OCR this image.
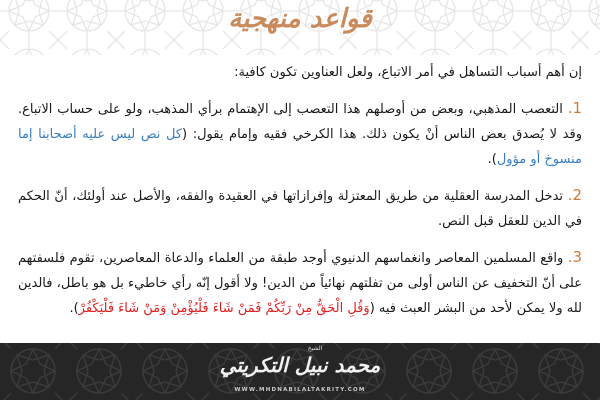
قواعد منهجية

إن أهم أسباب التساهل في أمر الاتباع، ولعل العناوين تكون كافية:

1. التعصب المذهبي، وبعض من أوصلهم هذا التعصب إلى الإهتمام برأي المذهب، ولو على حساب الاتباع. وقد لا يُصدق بعض الناس أنْ يكون ذلك. هذا الكرخي فقيه وإمام يقول: (كل نص ليس عليه أصحابنا إما منسوخ أو مؤول).

2. تدخل المدرسة العقلية من طريق المعتزلة وإفرازاتها في العقيدة والفقه، والأصل عند أولئك، أنّ الحكم في الدين للعقل قبل النص.

3. واقع المسلمين المعاصر وانغماسهم الدنيوي أوجد طبقة من العلماء والدعاة المعاصرين، تقوم فلسفتهم على أنّ التخفيف عن الناس أولى من تفلتهم نهائياً من الدين! ولا أقول إنّه رأي خاطيء بل هو باطل، فالدين لله ولا يمكن لأحد من البشر العبث فيه (وَقُلِ الْحَقُّ مِنْ رَبِّكُمْ فَمَنْ شَاءَ فَلْيُؤْمِنْ وَمَنْ شَاءَ فَلْيَكْفُرْ).

الشيخ
محمد نبيل التكريتي
WWW.MHDNABILALTAKRITY.COM
